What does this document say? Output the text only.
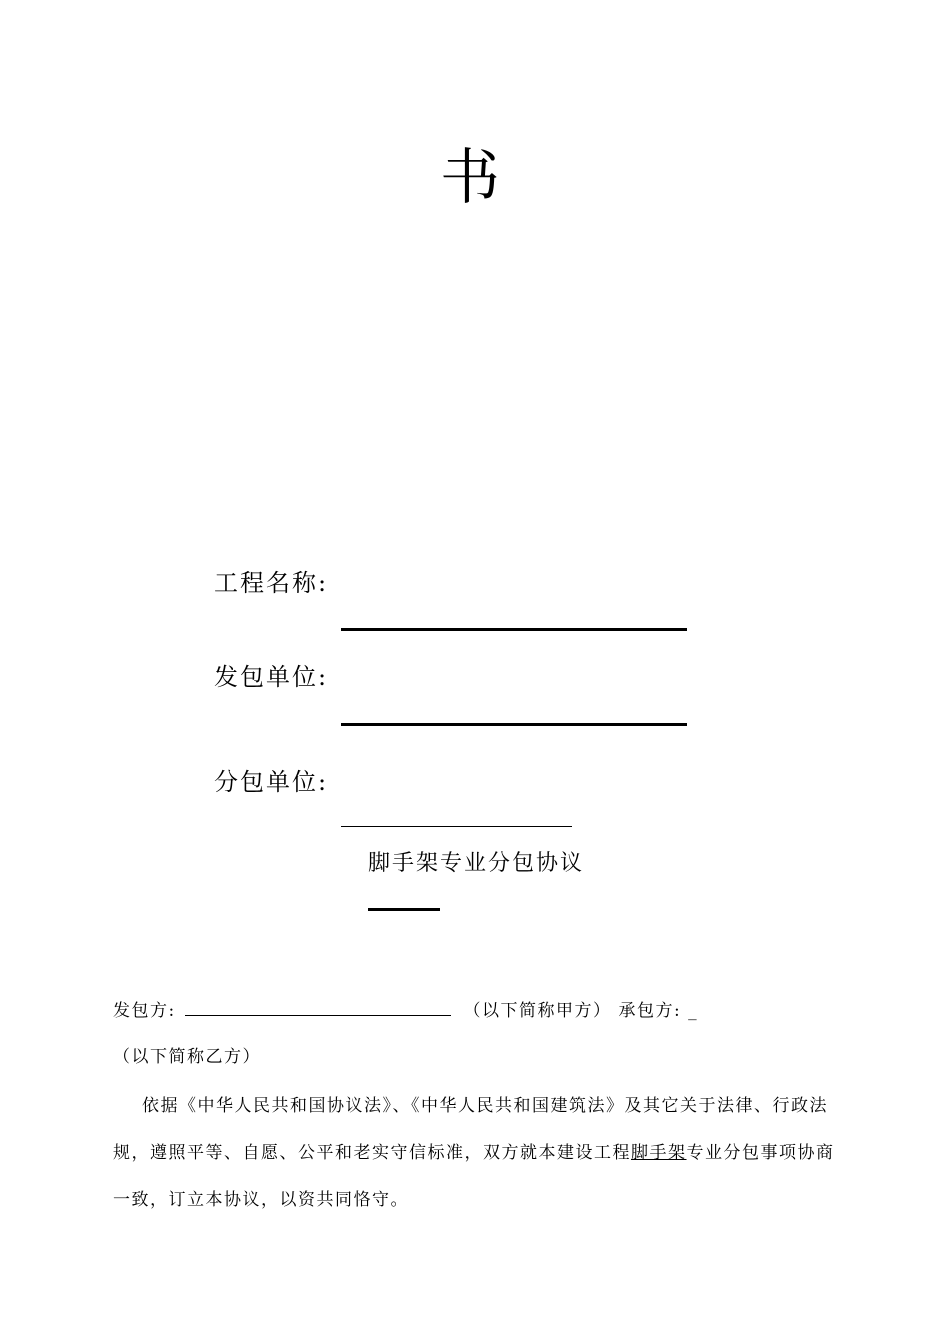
书
工程名称:
发包单位:
分包单位:
脚手架专业分包协议
发包方:	（以下简称甲方） 承包方: _
（以下简称乙方）
依据《中华人民共和国协议法》、《中华人民共和国建筑法》及其它关于法律、行政法
规，遵照平等、自愿、公平和老实守信标准，双方就本建设工程脚手架专业分包事项协商
一致，订立本协议，以资共同恪守。
